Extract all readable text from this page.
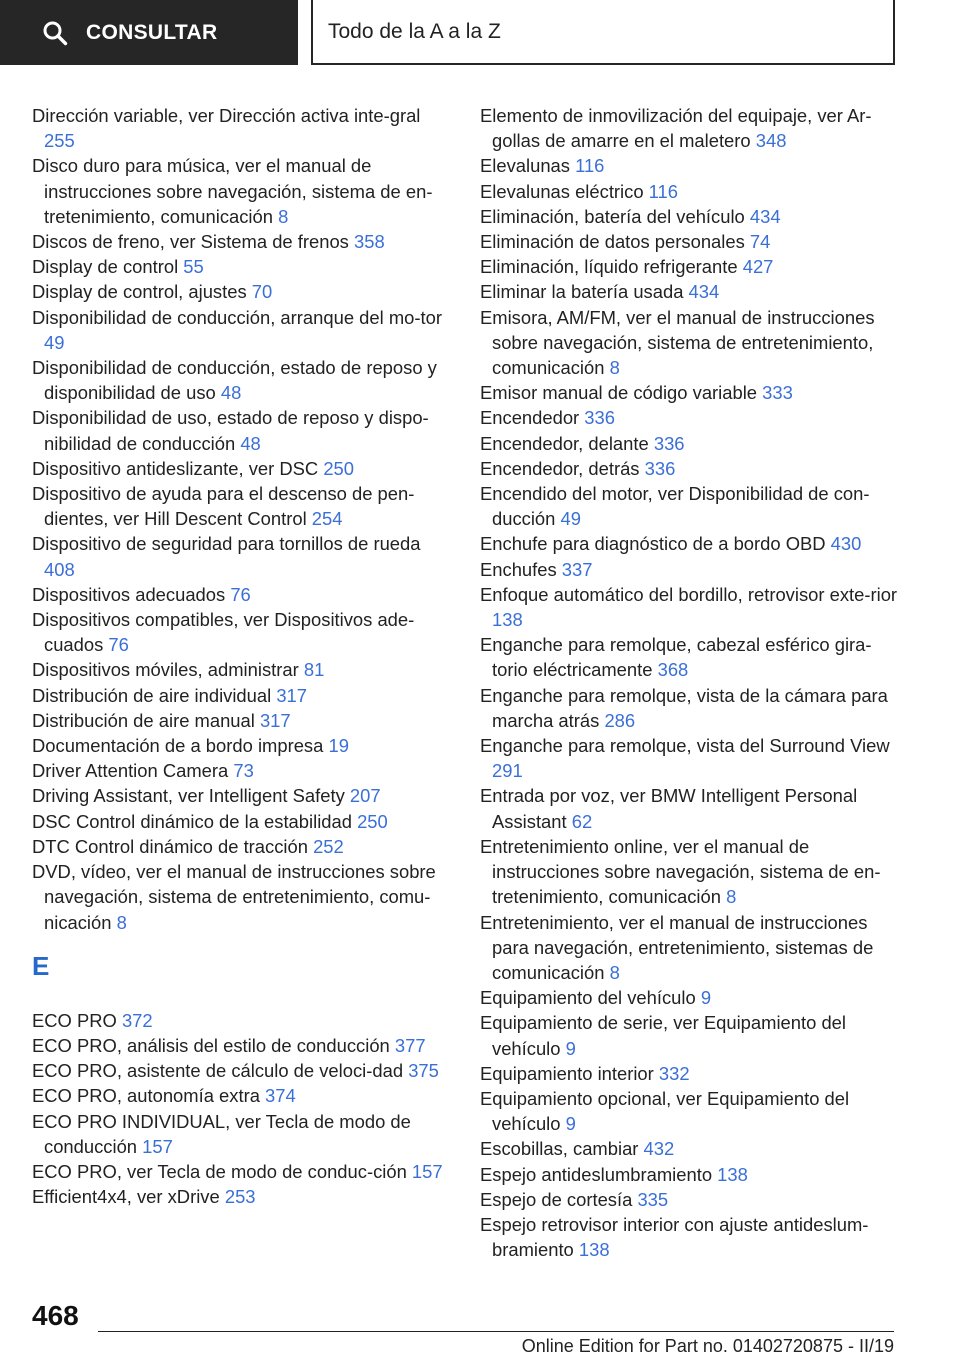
CONSULTAR	Todo de la A a la Z
Dirección variable, ver Dirección activa inte-gral 255
Disco duro para música, ver el manual de instrucciones sobre navegación, sistema de en-tretenimiento, comunicación 8
Discos de freno, ver Sistema de frenos 358
Display de control 55
Display de control, ajustes 70
Disponibilidad de conducción, arranque del mo-tor 49
Disponibilidad de conducción, estado de reposo y disponibilidad de uso 48
Disponibilidad de uso, estado de reposo y dispo-nibilidad de conducción 48
Dispositivo antideslizante, ver DSC 250
Dispositivo de ayuda para el descenso de pen-dientes, ver Hill Descent Control 254
Dispositivo de seguridad para tornillos de rueda 408
Dispositivos adecuados 76
Dispositivos compatibles, ver Dispositivos ade-cuados 76
Dispositivos móviles, administrar 81
Distribución de aire individual 317
Distribución de aire manual 317
Documentación de a bordo impresa 19
Driver Attention Camera 73
Driving Assistant, ver Intelligent Safety 207
DSC Control dinámico de la estabilidad 250
DTC Control dinámico de tracción 252
DVD, vídeo, ver el manual de instrucciones sobre navegación, sistema de entretenimiento, comu-nicación 8
E
ECO PRO 372
ECO PRO, análisis del estilo de conducción 377
ECO PRO, asistente de cálculo de veloci-dad 375
ECO PRO, autonomía extra 374
ECO PRO INDIVIDUAL, ver Tecla de modo de conducción 157
ECO PRO, ver Tecla de modo de conduc-ción 157
Efficient4x4, ver xDrive 253
Elemento de inmovilización del equipaje, ver Ar-gollas de amarre en el maletero 348
Elevalunas 116
Elevalunas eléctrico 116
Eliminación, batería del vehículo 434
Eliminación de datos personales 74
Eliminación, líquido refrigerante 427
Eliminar la batería usada 434
Emisora, AM/FM, ver el manual de instrucciones sobre navegación, sistema de entretenimiento, comunicación 8
Emisor manual de código variable 333
Encendedor 336
Encendedor, delante 336
Encendedor, detrás 336
Encendido del motor, ver Disponibilidad de con-ducción 49
Enchufe para diagnóstico de a bordo OBD 430
Enchufes 337
Enfoque automático del bordillo, retrovisor exte-rior 138
Enganche para remolque, cabezal esférico gira-torio eléctricamente 368
Enganche para remolque, vista de la cámara para marcha atrás 286
Enganche para remolque, vista del Surround View 291
Entrada por voz, ver BMW Intelligent Personal Assistant 62
Entretenimiento online, ver el manual de instrucciones sobre navegación, sistema de en-tretenimiento, comunicación 8
Entretenimiento, ver el manual de instrucciones para navegación, entretenimiento, sistemas de comunicación 8
Equipamiento del vehículo 9
Equipamiento de serie, ver Equipamiento del vehículo 9
Equipamiento interior 332
Equipamiento opcional, ver Equipamiento del vehículo 9
Escobillas, cambiar 432
Espejo antideslumbramiento 138
Espejo de cortesía 335
Espejo retrovisor interior con ajuste antideslum-bramiento 138
468
Online Edition for Part no. 01402720875 - II/19
